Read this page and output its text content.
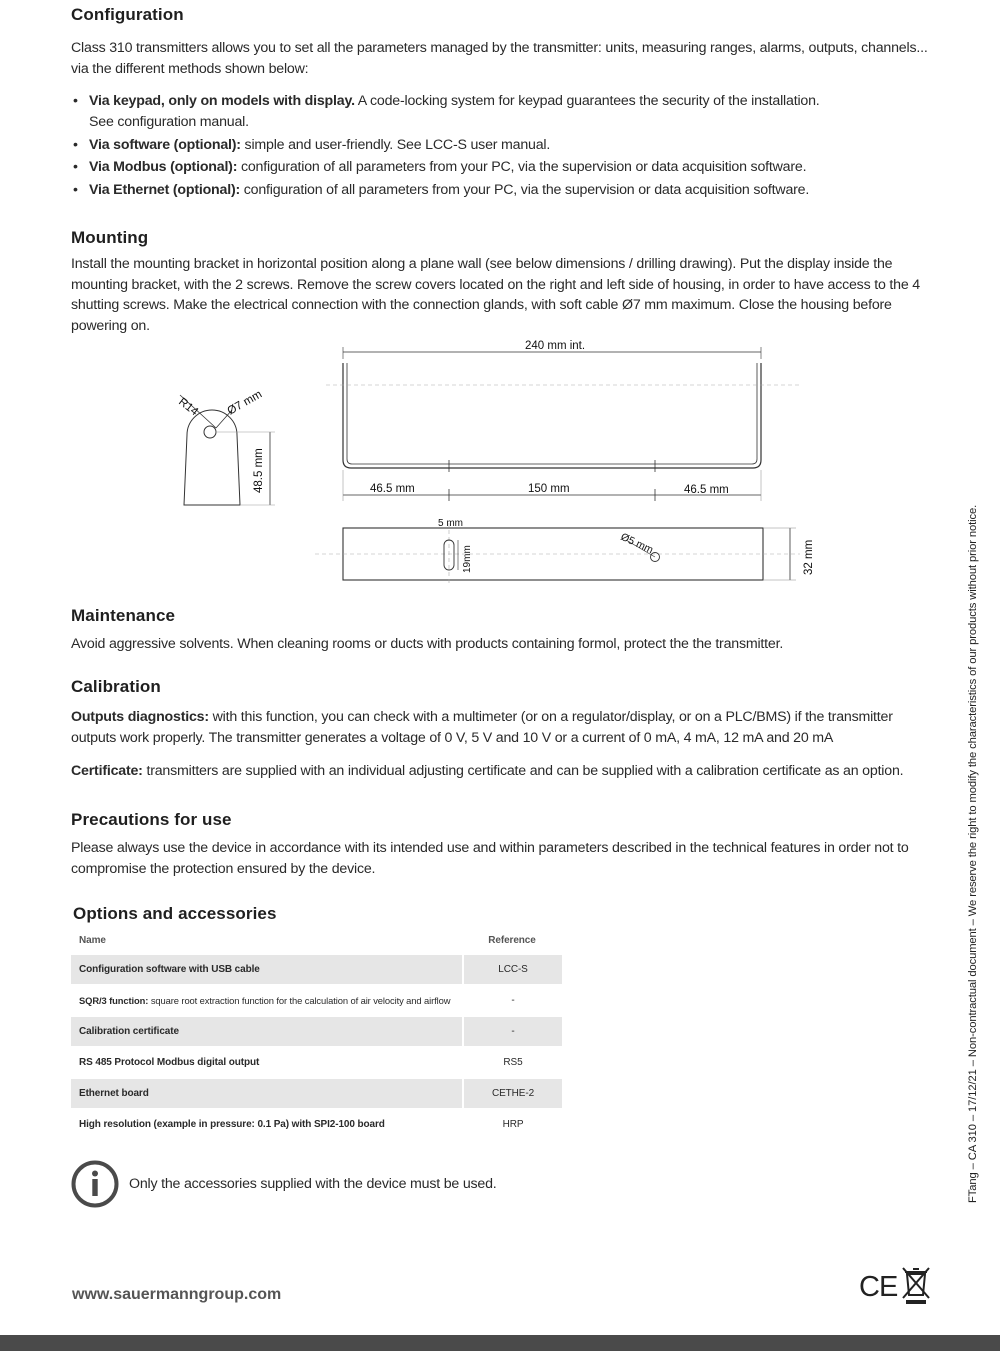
Configuration

Class 310 transmitters allows you to set all the parameters managed by the transmitter: units, measuring ranges, alarms, outputs, channels...
via the different methods shown below:

• Via keypad, only on models with display. A code-locking system for keypad guarantees the security of the installation.
See configuration manual.
• Via software (optional): simple and user-friendly. See LCC-S user manual.
• Via Modbus (optional): configuration of all parameters from your PC, via the supervision or data acquisition software.
• Via Ethernet (optional): configuration of all parameters from your PC, via the supervision or data acquisition software.
Mounting

Install the mounting bracket in horizontal position along a plane wall (see below dimensions / drilling drawing). Put the display inside the mounting bracket, with the 2 screws. Remove the screw covers located on the right and left side of housing, in order to have access to the 4 shutting screws. Make the electrical connection with the connection glands, with soft cable Ø7 mm maximum. Close the housing before powering on.

240 mm int.
46.5 mm	150 mm	46.5 mm
R14 Ø7 mm
48.5 mm
5 mm
19mm
Ø5 mm	32 mm
Maintenance

Avoid aggressive solvents. When cleaning rooms or ducts with products containing formol, protect the the transmitter.

Calibration

Outputs diagnostics: with this function, you can check with a multimeter (or on a regulator/display, or on a PLC/BMS) if the transmitter outputs work properly. The transmitter generates a voltage of 0 V, 5 V and 10 V or a current of 0 mA, 4 mA, 12 mA and 20 mA

Certificate: transmitters are supplied with an individual adjusting certificate and can be supplied with a calibration certificate as an option.

Precautions for use

Please always use the device in accordance with its intended use and within parameters described in the technical features in order not to compromise the protection ensured by the device.

Options and accessories
Name	Reference
Configuration software with USB cable	LCC-S
SQR/3 function: square root extraction function for the calculation of air velocity and airflow	-
Calibration certificate	-
RS 485 Protocol Modbus digital output	RS5
Ethernet board	CETHE-2
High resolution (example in pressure: 0.1 Pa) with SPI2-100 board	HRP

Only the accessories supplied with the device must be used.	FTang – CA 310 – 17/12/21 – Non-contractual document – We reserve the right to modify the characteristics of our products without prior notice.
www.sauermanngroup.com	CE
